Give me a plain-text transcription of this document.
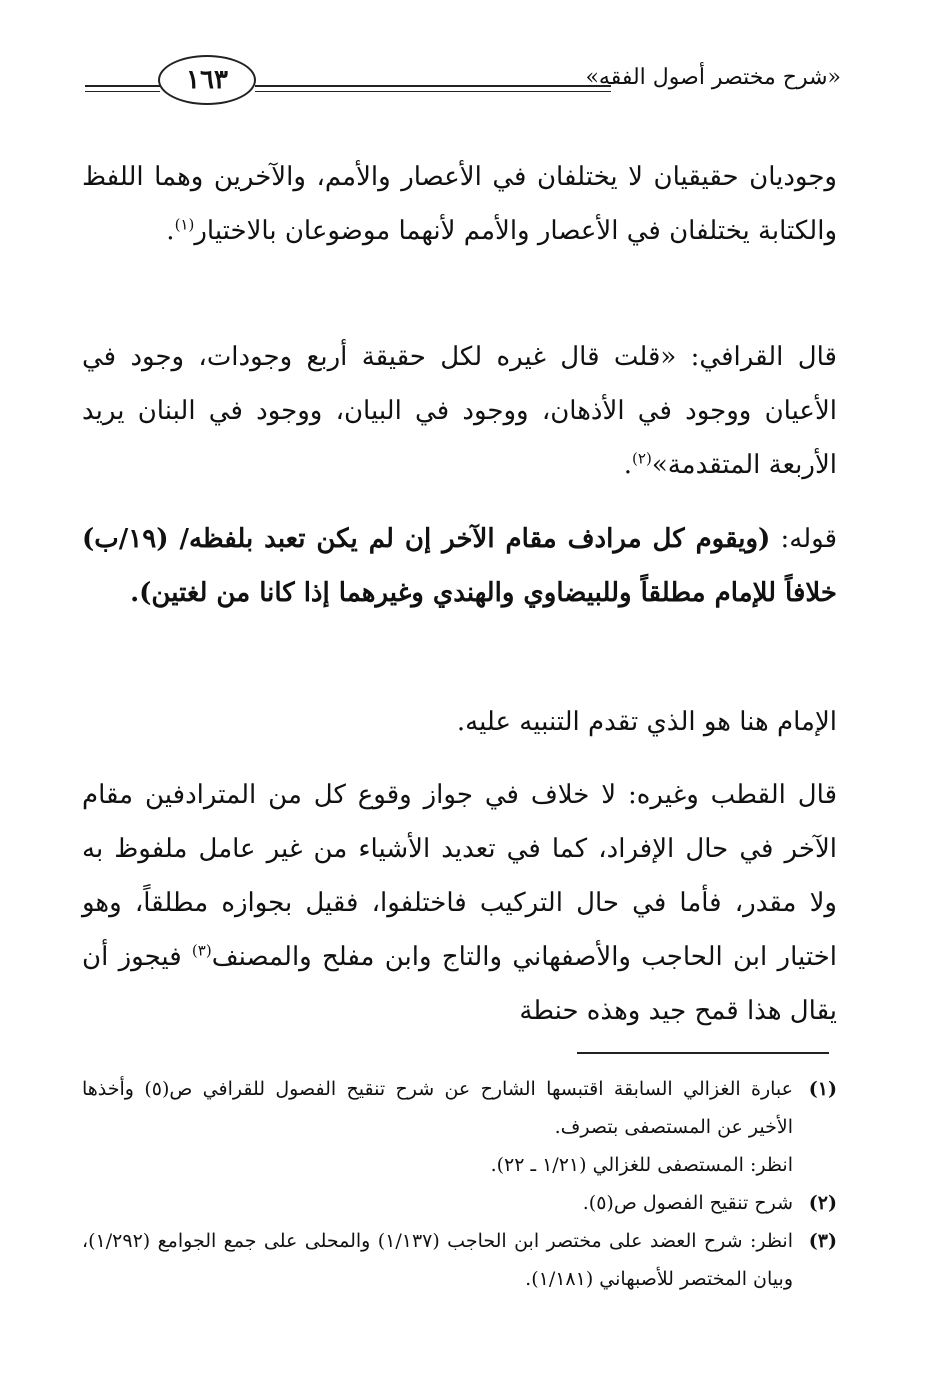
«شرح مختصر أصول الفقه»
١٦٣

وجوديان حقيقيان لا يختلفان في الأعصار والأمم، والآخرين وهما اللفظ والكتابة يختلفان في الأعصار والأمم لأنهما موضوعان بالاختيار$^{(١)}$.

قال القرافي: «قلت قال غيره لكل حقيقة أربع وجودات، وجود في الأعيان ووجود في الأذهان، ووجود في البيان، ووجود في البنان يريد الأربعة المتقدمة»$^{(٢)}$.

قوله: (ويقوم كل مرادف مقام الآخر إن لم يكن تعبد بلفظه/ (١٩/ب) خلافاً للإمام مطلقاً وللبيضاوي والهندي وغيرهما إذا كانا من لغتين).

الإمام هنا هو الذي تقدم التنبيه عليه.

قال القطب وغيره: لا خلاف في جواز وقوع كل من المترادفين مقام الآخر في حال الإفراد، كما في تعديد الأشياء من غير عامل ملفوظ به ولا مقدر، فأما في حال التركيب فاختلفوا، فقيل بجوازه مطلقاً، وهو اختيار ابن الحاجب والأصفهاني والتاج وابن مفلح والمصنف$^{(٣)}$ فيجوز أن يقال هذا قمح جيد وهذه حنطة

(١)
عبارة الغزالي السابقة اقتبسها الشارح عن شرح تنقيح الفصول للقرافي ص(٥) وأخذها الأخير عن المستصفى بتصرف.

انظر: المستصفى للغزالي (١/٢١ ـ ٢٢).

(٢)
شرح تنقيح الفصول ص(٥).

(٣)
انظر: شرح العضد على مختصر ابن الحاجب (١/١٣٧) والمحلى على جمع الجوامع (١/٢٩٢)، وبيان المختصر للأصبهاني (١/١٨١).
